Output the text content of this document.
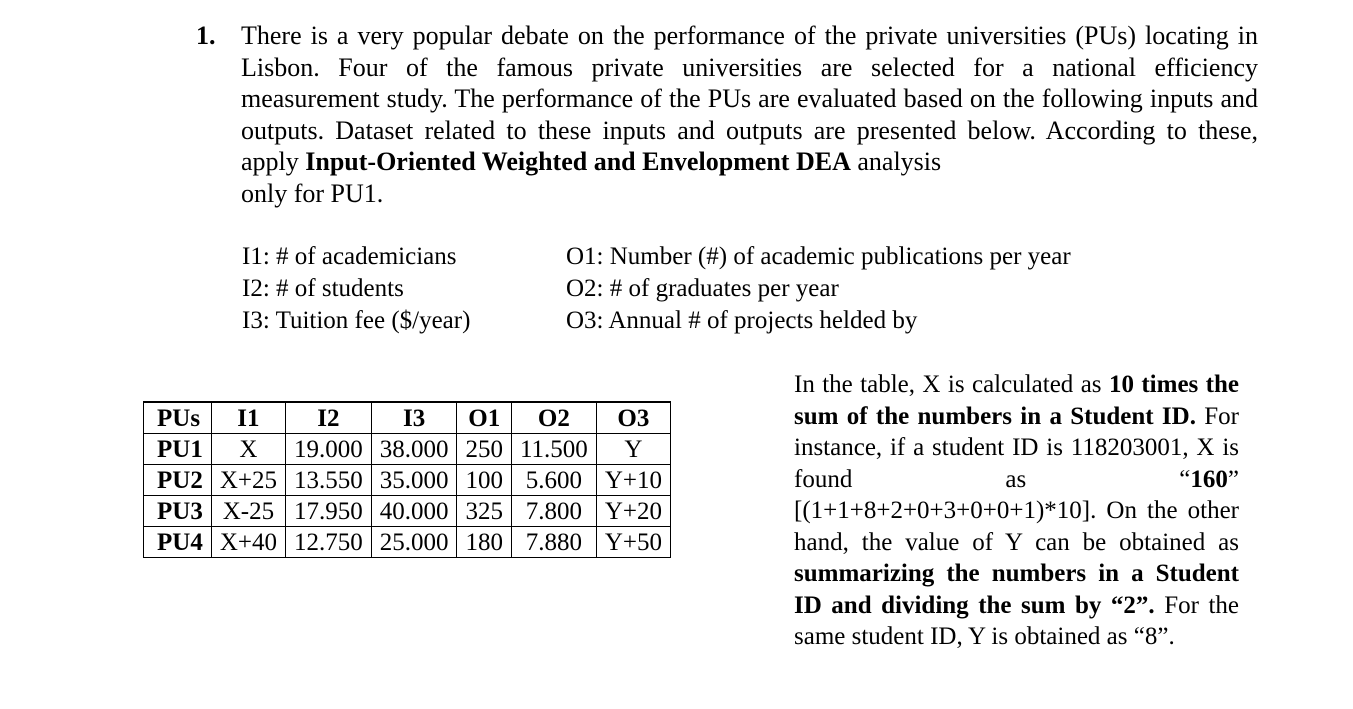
1. There is a very popular debate on the performance of the private universities (PUs) locating in Lisbon. Four of the famous private universities are selected for a national efficiency measurement study. The performance of the PUs are evaluated based on the following inputs and outputs. Dataset related to these inputs and outputs are presented below. According to these, apply Input-Oriented Weighted and Envelopment DEA analysis
only for PU1.
I1: # of academicians
I2: # of students
I3: Tuition fee ($/year)
O1: Number (#) of academic publications per year
O2: # of graduates per year
O3: Annual # of projects helded by
PUs	I1	I2	I3	O1	O2	O3
PU1	X	19.000	38.000	250	11.500	Y
PU2	X+25	13.550	35.000	100	5.600	Y+10
PU3	X-25	17.950	40.000	325	7.800	Y+20
PU4	X+40	12.750	25.000	180	7.880	Y+50
In the table, X is calculated as 10 times the sum of the numbers in a Student ID. For instance, if a student ID is 118203001, X is found as “160” [(1+1+8+2+0+3+0+0+1)*10]. On the other hand, the value of Y can be obtained as summarizing the numbers in a Student ID and dividing the sum by “2”. For the same student ID, Y is obtained as “8”.
